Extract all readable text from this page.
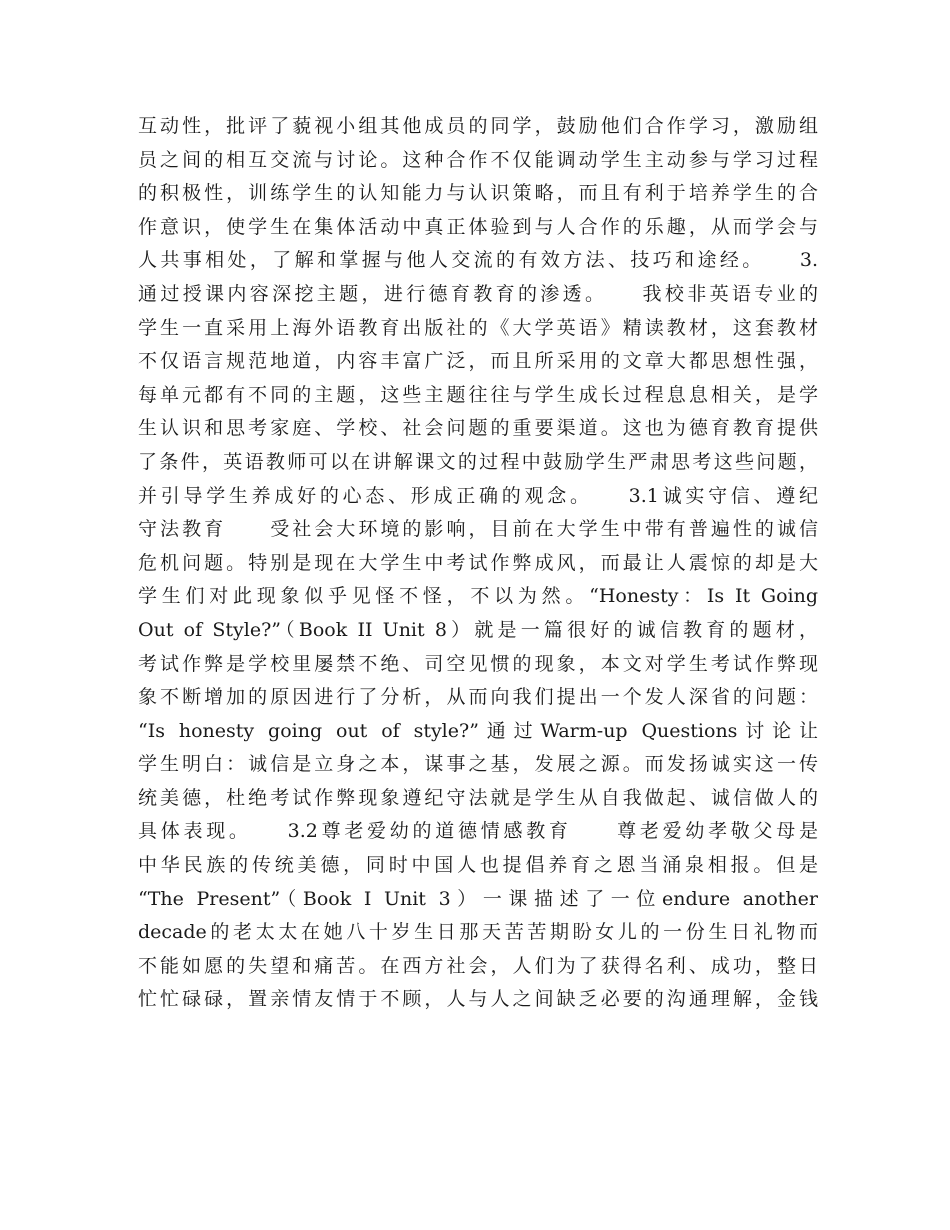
互动性，批评了藐视小组其他成员的同学，鼓励他们合作学习，激励组
员之间的相互交流与讨论。这种合作不仅能调动学生主动参与学习过程
的积极性，训练学生的认知能力与认识策略，而且有利于培养学生的合
作意识，使学生在集体活动中真正体验到与人合作的乐趣，从而学会与
人共事相处，了解和掌握与他人交流的有效方法、技巧和途经。　　3.
通过授课内容深挖主题，进行德育教育的渗透。　　我校非英语专业的
学生一直采用上海外语教育出版社的《大学英语》精读教材，这套教材
不仅语言规范地道，内容丰富广泛，而且所采用的文章大都思想性强，
每单元都有不同的主题，这些主题往往与学生成长过程息息相关，是学
生认识和思考家庭、学校、社会问题的重要渠道。这也为德育教育提供
了条件，英语教师可以在讲解课文的过程中鼓励学生严肃思考这些问题，
并引导学生养成好的心态、形成正确的观念。　　3.1诚实守信、遵纪
守法教育　　受社会大环境的影响，目前在大学生中带有普遍性的诚信
危机问题。特别是现在大学生中考试作弊成风，而最让人震惊的却是大
学生们对此现象似乎见怪不怪，不以为然。“Honesty：Is It Going
Out of Style?”（Book II Unit 8）就是一篇很好的诚信教育的题材，
考试作弊是学校里屡禁不绝、司空见惯的现象，本文对学生考试作弊现
象不断增加的原因进行了分析，从而向我们提出一个发人深省的问题：
“Is honesty going out of style?”通过Warm-up Questions讨论让
学生明白：诚信是立身之本，谋事之基，发展之源。而发扬诚实这一传
统美德，杜绝考试作弊现象遵纪守法就是学生从自我做起、诚信做人的
具体表现。　　3.2尊老爱幼的道德情感教育　　尊老爱幼孝敬父母是
中华民族的传统美德，同时中国人也提倡养育之恩当涌泉相报。但是
“The Present”（Book I Unit 3）一课描述了一位endure another
decade的老太太在她八十岁生日那天苦苦期盼女儿的一份生日礼物而
不能如愿的失望和痛苦。在西方社会，人们为了获得名利、成功，整日
忙忙碌碌，置亲情友情于不顾，人与人之间缺乏必要的沟通理解，金钱
